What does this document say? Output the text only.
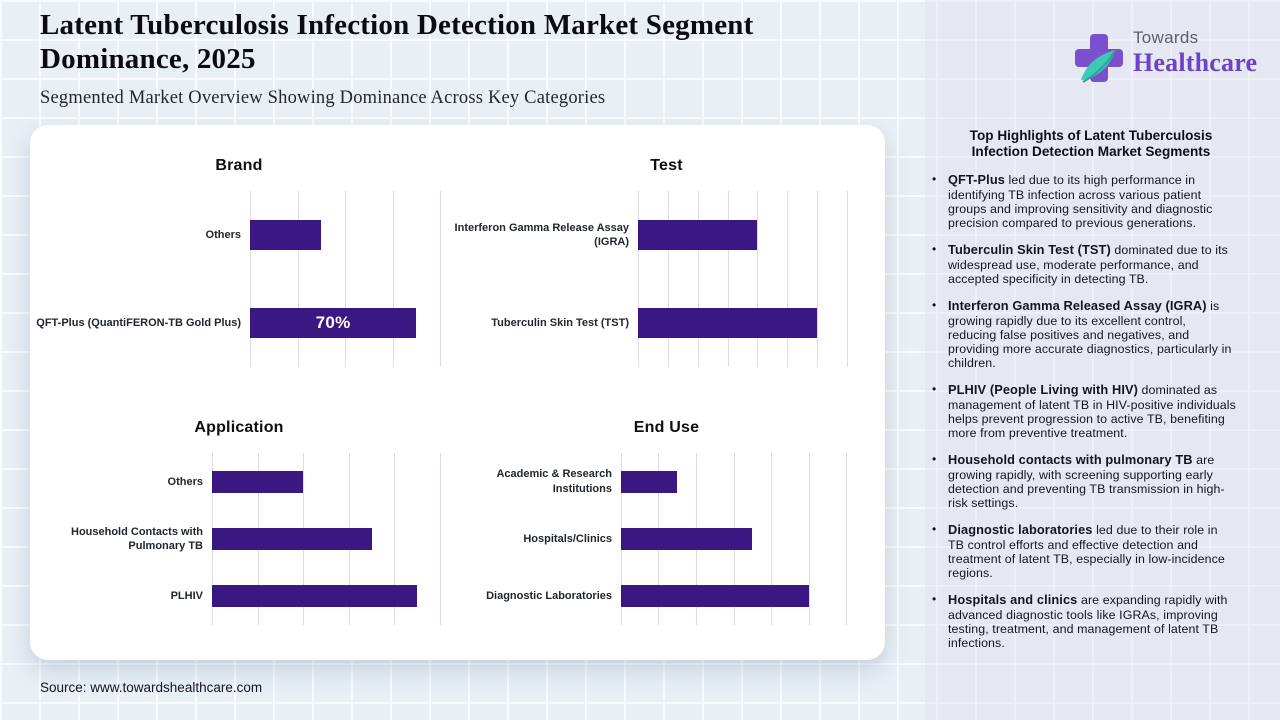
Latent Tuberculosis Infection Detection Market Segment Dominance, 2025
Segmented Market Overview Showing Dominance Across Key Categories
Towards
Healthcare
Brand
Others
QFT-Plus (QuantiFERON-TB Gold Plus)	70%
Test
Interferon Gamma Release Assay (IGRA)
Tuberculin Skin Test (TST)
Application
Others
Household Contacts with Pulmonary TB
PLHIV
End Use
Academic & Research Institutions
Hospitals/Clinics
Diagnostic Laboratories
Top Highlights of Latent Tuberculosis Infection Detection Market Segments
• QFT-Plus led due to its high performance in identifying TB infection across various patient groups and improving sensitivity and diagnostic precision compared to previous generations.
• Tuberculin Skin Test (TST) dominated due to its widespread use, moderate performance, and accepted specificity in detecting TB.
• Interferon Gamma Released Assay (IGRA) is growing rapidly due to its excellent control, reducing false positives and negatives, and providing more accurate diagnostics, particularly in children.
• PLHIV (People Living with HIV) dominated as management of latent TB in HIV-positive individuals helps prevent progression to active TB, benefiting more from preventive treatment.
• Household contacts with pulmonary TB are growing rapidly, with screening supporting early detection and preventing TB transmission in high-risk settings.
• Diagnostic laboratories led due to their role in TB control efforts and effective detection and treatment of latent TB, especially in low-incidence regions.
• Hospitals and clinics are expanding rapidly with advanced diagnostic tools like IGRAs, improving testing, treatment, and management of latent TB infections.
Source: www.towardshealthcare.com
